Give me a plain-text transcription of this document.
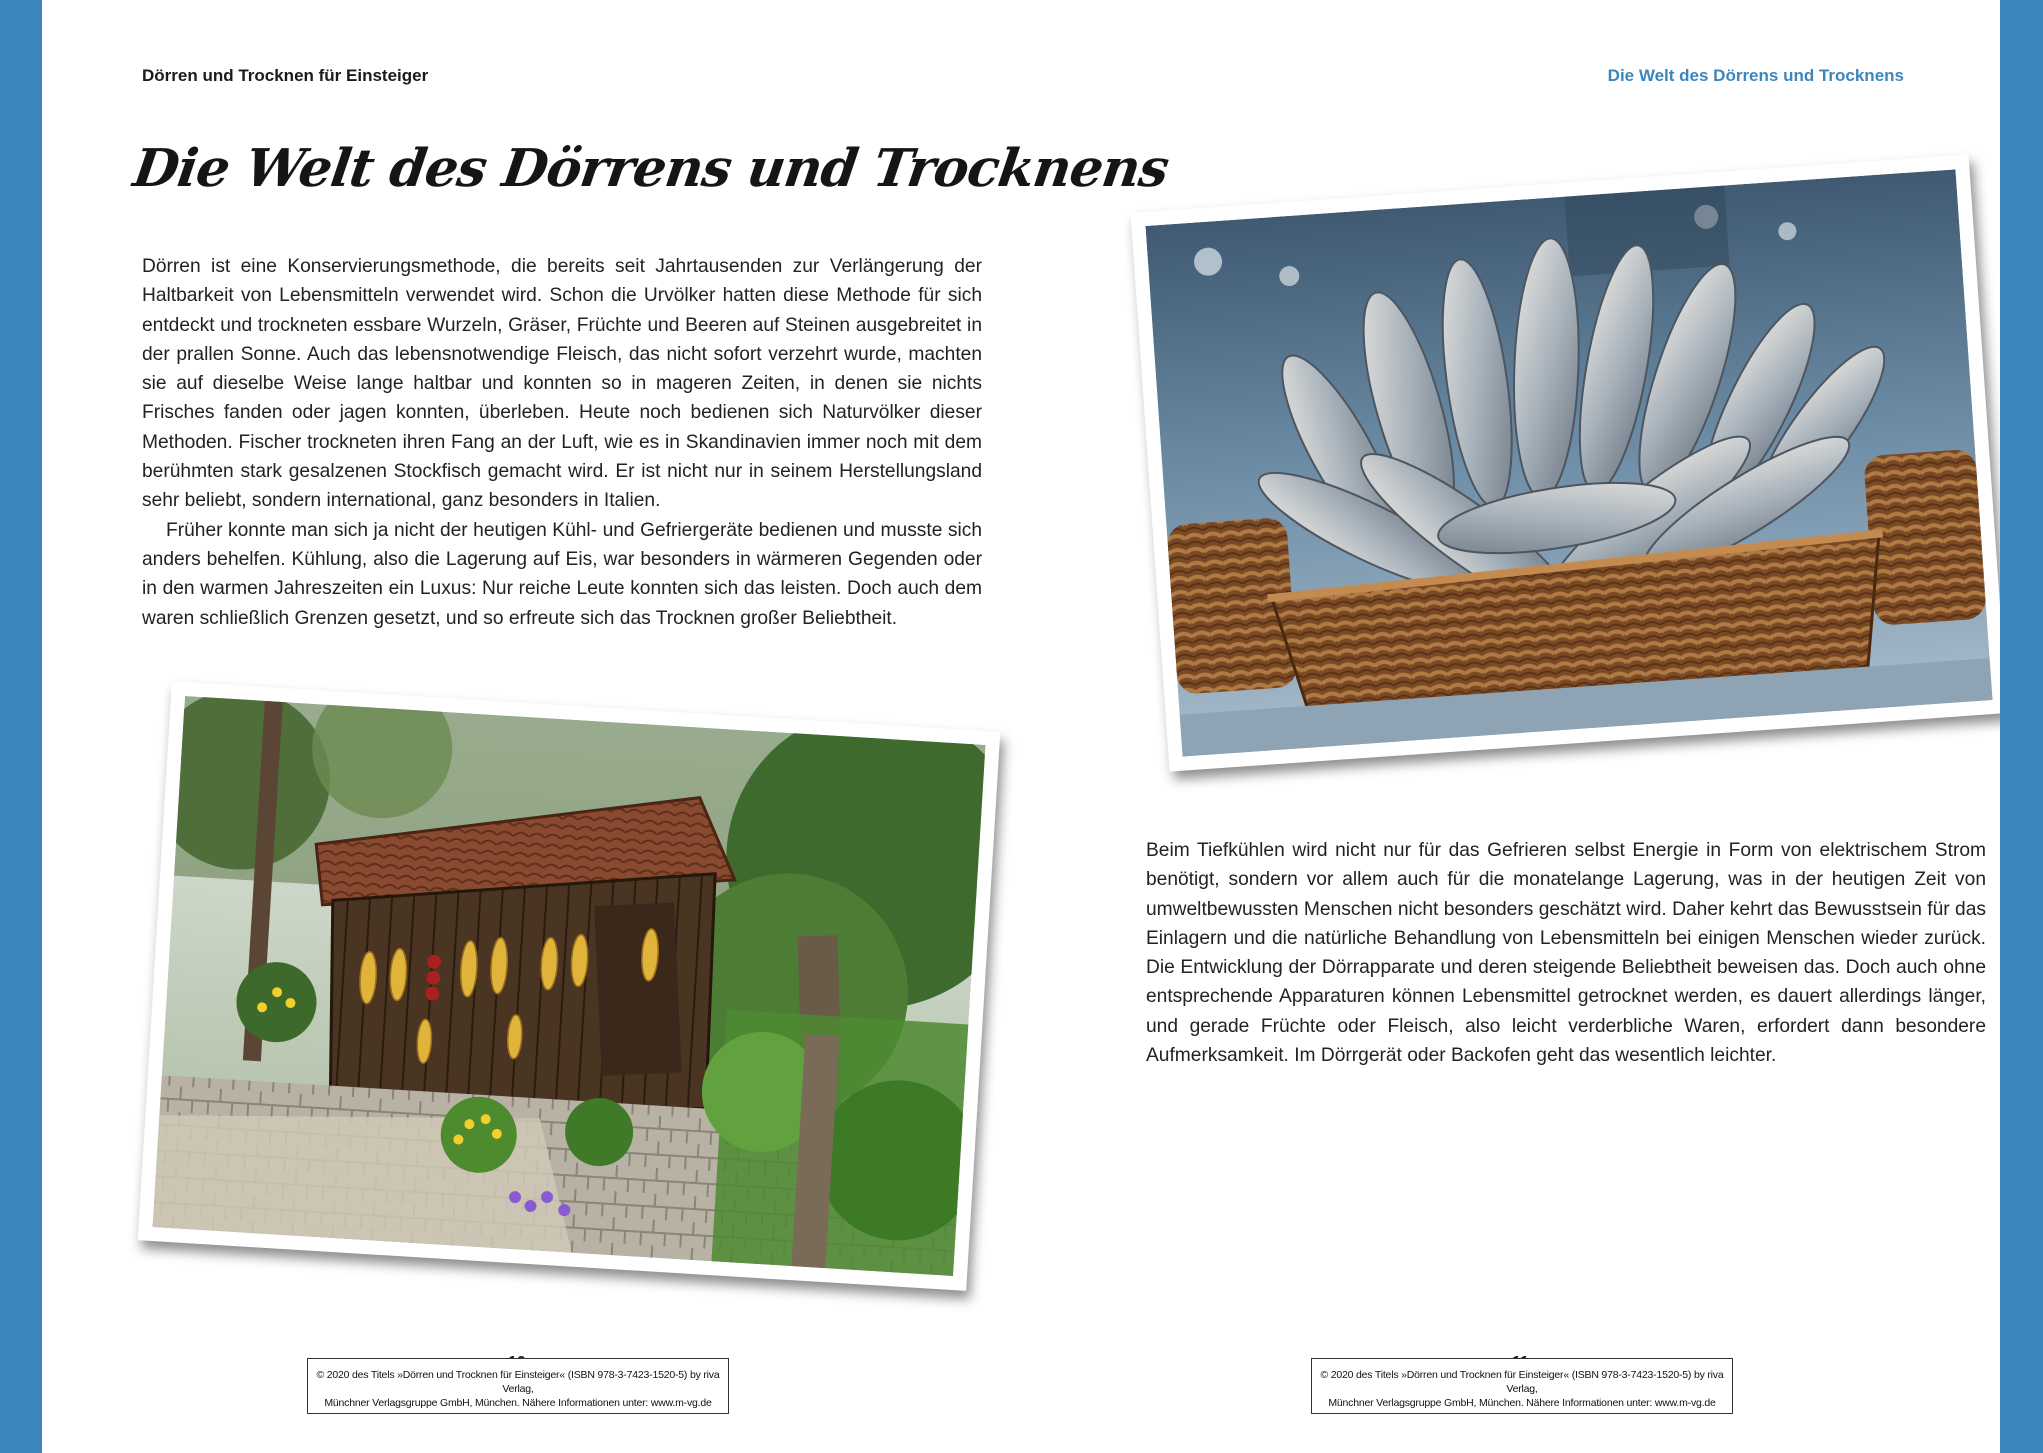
Dörren und Trocknen für Einsteiger	Die Welt des Dörrens und Trocknens
Die Welt des Dörrens und Trocknens

Dörren ist eine Konservierungsmethode, die bereits seit Jahrtausenden zur Verlängerung der Haltbarkeit von Lebensmitteln verwendet wird. Schon die Urvölker hatten diese Methode für sich entdeckt und trockneten essbare Wurzeln, Gräser, Früchte und Beeren auf Steinen ausgebreitet in der prallen Sonne. Auch das lebensnotwendige Fleisch, das nicht sofort verzehrt wurde, machten sie auf dieselbe Weise lange haltbar und konnten so in mageren Zeiten, in denen sie nichts Frisches fanden oder jagen konnten, überleben. Heute noch bedienen sich Naturvölker dieser Methoden. Fischer trockneten ihren Fang an der Luft, wie es in Skandinavien immer noch mit dem berühmten stark gesalzenen Stockfisch gemacht wird. Er ist nicht nur in seinem Herstellungsland sehr beliebt, sondern international, ganz besonders in Italien.

Früher konnte man sich ja nicht der heutigen Kühl- und Gefriergeräte bedienen und musste sich anders behelfen. Kühlung, also die Lagerung auf Eis, war besonders in wärmeren Gegenden oder in den warmen Jahreszeiten ein Luxus: Nur reiche Leute konnten sich das leisten. Doch auch dem waren schließlich Grenzen gesetzt, und so erfreute sich das Trocknen großer Beliebtheit.

Beim Tiefkühlen wird nicht nur für das Gefrieren selbst Energie in Form von elektrischem Strom benötigt, sondern vor allem auch für die monatelange Lagerung, was in der heutigen Zeit von umweltbewussten Menschen nicht besonders geschätzt wird. Daher kehrt das Bewusstsein für das Einlagern und die natürliche Behandlung von Lebensmitteln bei einigen Menschen wieder zurück. Die Entwicklung der Dörrapparate und deren steigende Beliebtheit beweisen das. Doch auch ohne entsprechende Apparaturen können Lebensmittel getrocknet werden, es dauert allerdings länger, und gerade Früchte oder Fleisch, also leicht verderbliche Waren, erfordert dann besondere Aufmerksamkeit. Im Dörrgerät oder Backofen geht das wesentlich leichter.

© 2020 des Titels »Dörren und Trocknen für Einsteiger« (ISBN 978-3-7423-1520-5) by riva Verlag,
Münchner Verlagsgruppe GmbH, München. Nähere Informationen unter: www.m-vg.de
© 2020 des Titels »Dörren und Trocknen für Einsteiger« (ISBN 978-3-7423-1520-5) by riva Verlag,
Münchner Verlagsgruppe GmbH, München. Nähere Informationen unter: www.m-vg.de
